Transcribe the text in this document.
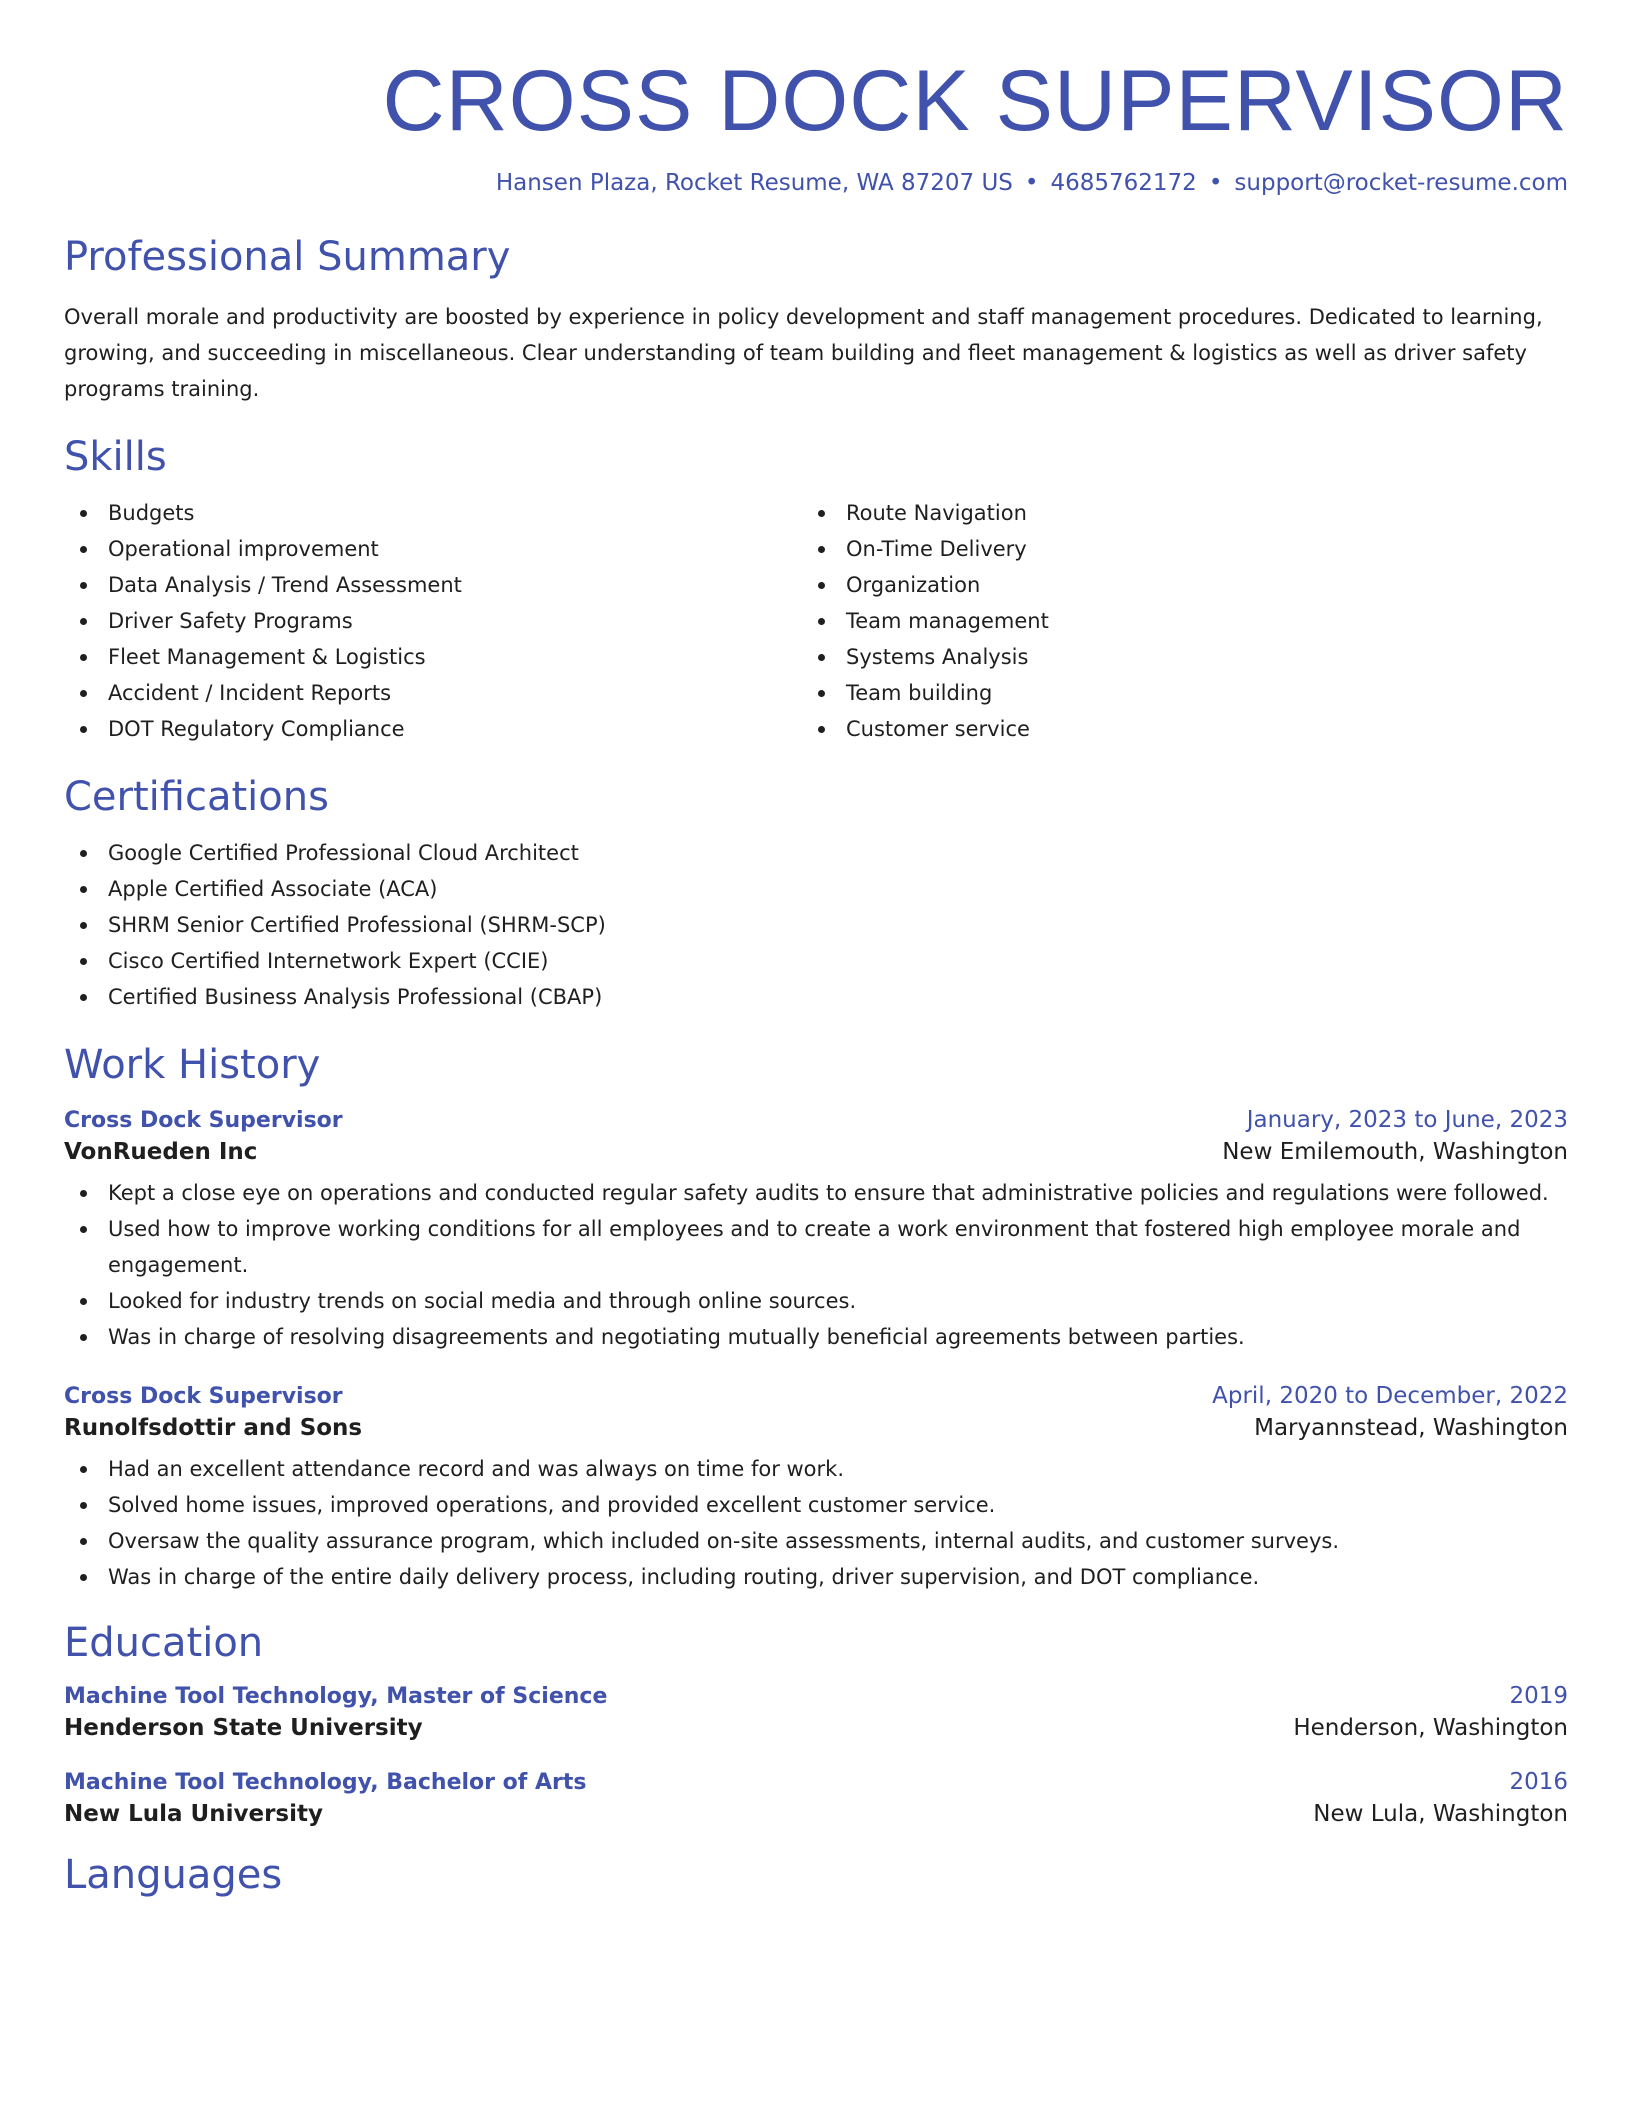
CROSS DOCK SUPERVISOR
Hansen Plaza, Rocket Resume, WA 87207 US • 4685762172 • support@rocket-resume.com
Professional Summary

Overall morale and productivity are boosted by experience in policy development and staff management procedures. Dedicated to learning, growing, and succeeding in miscellaneous. Clear understanding of team building and fleet management & logistics as well as driver safety programs training.

Skills
Budgets
Operational improvement
Data Analysis / Trend Assessment
Driver Safety Programs
Fleet Management & Logistics
Accident / Incident Reports
DOT Regulatory Compliance
Route Navigation
On-Time Delivery
Organization
Team management
Systems Analysis
Team building
Customer service
Certifications
Google Certified Professional Cloud Architect
Apple Certified Associate (ACA)
SHRM Senior Certified Professional (SHRM-SCP)
Cisco Certified Internetwork Expert (CCIE)
Certified Business Analysis Professional (CBAP)
Work History
Cross Dock Supervisor	January, 2023 to June, 2023
VonRueden Inc	New Emilemouth, Washington
Kept a close eye on operations and conducted regular safety audits to ensure that administrative policies and regulations were followed.
Used how to improve working conditions for all employees and to create a work environment that fostered high employee morale and engagement.
Looked for industry trends on social media and through online sources.
Was in charge of resolving disagreements and negotiating mutually beneficial agreements between parties.
Cross Dock Supervisor	April, 2020 to December, 2022
Runolfsdottir and Sons	Maryannstead, Washington
Had an excellent attendance record and was always on time for work.
Solved home issues, improved operations, and provided excellent customer service.
Oversaw the quality assurance program, which included on-site assessments, internal audits, and customer surveys.
Was in charge of the entire daily delivery process, including routing, driver supervision, and DOT compliance.
Education
Machine Tool Technology, Master of Science	2019
Henderson State University	Henderson, Washington
Machine Tool Technology, Bachelor of Arts	2016
New Lula University	New Lula, Washington
Languages
